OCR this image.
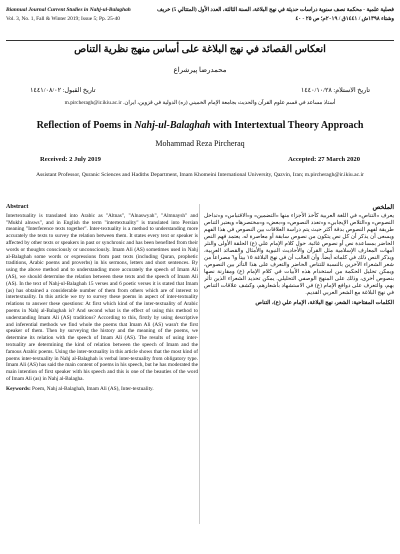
Biannual Journal Current Studies in Nahj-ul-Balaghah
Vol. 3, No. 1, Fall & Winter 2019; Issue 5; Pp. 25-40
فصلية علمية - محكمة نصف سنوية دراسات حديثة في نهج البلاغة، السنة الثالثة، العدد الأول (المتتالي 5) خريف
وشتاء ١٣٩٨ش / ١٤٤١ق / ٢٠١٩م؛ ص ٢٥ - ٤٠
انعكاس القصائد في نهج البلاغة على أساس منهج نظرية التناص
محمدرضا پیرشراع
تاريخ الاستلام: ١٤٤٠/١٠/٢٨
تاريخ القبول: ١٤٤١/٠٨/٠٢
أستاذ مساعد في قسم علوم القرآن والحديث بجامعة الإمام الخميني (ره) الدولية في قزوين، ايران. m.pircheragh@ir.ikiu.ac.ir
Reflection of Poems in Nahj-ul-Balaghah with Intertextual Theory Approach
Mohammad Reza Pircheraq
Received: 2 July 2019	Accepted: 27 March 2020
Assistant Professor, Quranic Sciences and Hadiths Department, Imam Khomeini International University, Qazvin, Iran; m.pircheragh@ir.ikiu.ac.ir
Abstract

Intertextuality is translated into Arabic as "Altnas", "Alnaswyah", "Almnaysh" and "Mukhl alnsws", and in English the term "intertextuality" is translated into Persian meaning "Interference texts together". Inter-textuality is a method to understanding more accurately the texts to survey the relation between them. It states every text or speaker is affected by other texts or speakers in past or synchronic and has been benefited from their words or thoughts consciously or unconsciously. Imam Ali (AS) sometimes used in Nahj al-Balaghah some words or expressions from past texts (including Quran, prophetic traditions, Arabic poems and proverbs) in his sermons, letters and short sentences. By using the above method and to understanding more accurately the speech of Imam Ali (AS), we should determine the relation between these texts and the speech of Imam Ali (AS). In the text of Nahj-ul-Balaghah 15 verses and 6 poetic verses it is stated that Imam (as) has obtained a considerable number of them from others which are of interest to intertextuality. In this article we try to survey these poems in aspect of inter-textuality relations to answer these questions: At first which kind of the inter-textuality of Arabic poems in Nahj al-Balaghah is? And second what is the effect of using this method to understanding Imam Ali (AS) traditions? According to this, firstly by using descriptive and inferential methods we find whole the poems that Imam Ali (AS) wasn't the first speaker of them. Then by surveying the history and the meaning of the poems, we determine its relation with the speech of Imam Ali (AS). The results of using inter-textuality are determining the kind of relation between the speech of Imam and the famous Arabic poems. Using the inter-textuality in this article shows that the most kind of poems inter-textuality in Nahj al-Balaghah is verbal inter-textuality from obligatory type. Imam Ali (AS) has said the main content of poems in his speech, but he has moderated the main intention of first speaker with his speech and this is one of the beauties of the word of Imam Ali (as) in Nahj al-Balagha.

Keywords: Poem, Nahj al-Balaghah, Imam Ali (AS), Inter-textuality.
الملخص

يعرف «التناص» في اللغة العربية كأخذ الأجزاء منها «التضمين» و«الاقتباس» و«تداخل النصوص» و«التلاص الإيجابي» و«تعدد النصوص» و«بعض» و«مختصرها» ويعتبر التناص طريقة لفهم النصوص بدقة أكثر حيث يتم دراسة العلاقات بين النصوص في هذا الفهم ويسعى أن يذكر أن كل نص يتكون من نصوص سابقة أو معاصرة له. يعتمد فهم النص الحاضر بمساعدة نص أو نصوص غائبة. حول كلام الإمام علي (ع) الحلقة الأولى والنثر أمهات المعارف الإسلامية مثل القرآن والأحاديث النبوية والأمثال والقصائد العربية، ويذكر النص ذلك في كلماته أيضاً. وأن الغالب أن في نهج البلاغة ١٥ بيتاً و٦ مصراعاً من شعر الشعراء الآخرين بالنسبة للتناص الحاضر والتعرف على هذا التأثر بين النصوص، ويمكن تحليل الحكمة من استخدام هذه الأبيات في كلام الإمام (ع) ومقارنة نصها بنصوص أخرى، وذلك على المنهج الوصفي التحليلي. يمكن تحديد الشعراء الذين تأثر بهم، والتعرف على دوافع الإمام (ع) في الاستشهاد بأشعارهم، وكشف علاقات التناص في نهج البلاغة مع الشعر العربي القديم.

الكلمات المفتاحية: الشعر، نهج البلاغة، الإمام علي (ع)، التناص
